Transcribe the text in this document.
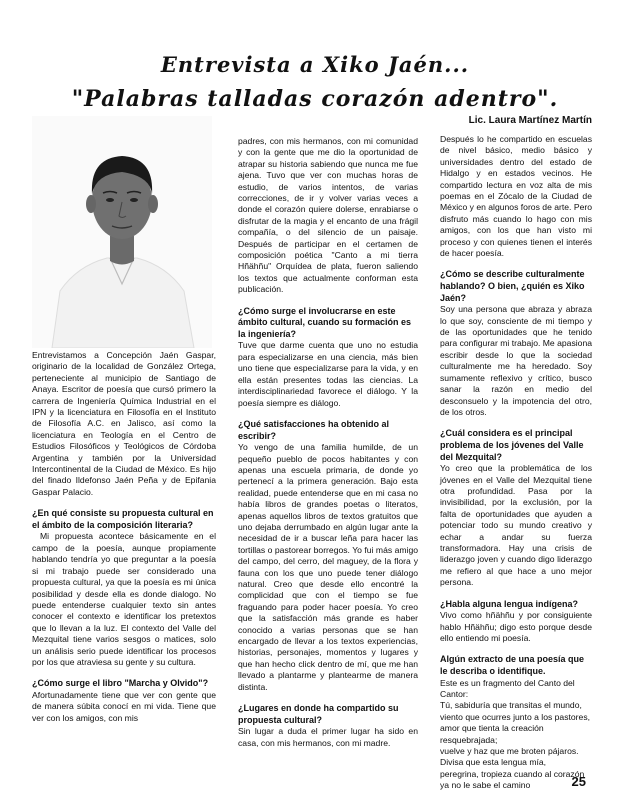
Entrevista a Xiko Jaén...
"Palabras talladas corazón adentro".
Lic. Laura Martínez Martín

Entrevistamos a Concepción Jaén Gaspar, originario de la localidad de González Ortega, perteneciente al municipio de Santiago de Anaya. Escritor de poesía que cursó primero la carrera de Ingeniería Química Industrial en el IPN y la licenciatura en Filosofía en el Instituto de Filosofía A.C. en Jalisco, así como la licenciatura en Teología en el Centro de Estudios Filosóficos y Teológicos de Córdoba Argentina y también por la Universidad Intercontinental de la Ciudad de México. Es hijo del finado Ildefonso Jaén Peña y de Epifania Gaspar Palacio.

¿En qué consiste su propuesta cultural en el ámbito de la composición literaria?

Mi propuesta acontece básicamente en el campo de la poesía, aunque propiamente hablando tendría yo que preguntar a la poesía si mi trabajo puede ser considerado una propuesta cultural, ya que la poesía es mi única posibilidad y desde ella es donde dialogo. No puede entenderse cualquier texto sin antes conocer el contexto e identificar los pretextos que lo llevan a la luz. El contexto del Valle del Mezquital tiene varios sesgos o matices, solo un análisis serio puede identificar los procesos por los que atraviesa su gente y su cultura.

¿Cómo surge el libro "Marcha y Olvido"?

Afortunadamente tiene que ver con gente que de manera súbita conocí en mi vida. Tiene que ver con los amigos, con mis

padres, con mis hermanos, con mi comunidad y con la gente que me dio la oportunidad de atrapar su historia sabiendo que nunca me fue ajena. Tuvo que ver con muchas horas de estudio, de varios intentos, de varias correcciones, de ir y volver varias veces a donde el corazón quiere dolerse, enrabiarse o disfrutar de la magia y el encanto de una frágil compañía, o del silencio de un paisaje. Después de participar en el certamen de composición poética "Canto a mi tierra Hñähñu" Orquídea de plata, fueron saliendo los textos que actualmente conforman esta publicación.

¿Cómo surge el involucrarse en este ámbito cultural, cuando su formación es la ingeniería?

Tuve que darme cuenta que uno no estudia para especializarse en una ciencia, más bien uno tiene que especializarse para la vida, y en ella están presentes todas las ciencias. La interdisciplinariedad favorece el diálogo. Y la poesía siempre es diálogo.

¿Qué satisfacciones ha obtenido al escribir?

Yo vengo de una familia humilde, de un pequeño pueblo de pocos habitantes y con apenas una escuela primaria, de donde yo pertenecí a la primera generación. Bajo esta realidad, puede entenderse que en mi casa no había libros de grandes poetas o literatos, apenas aquellos libros de textos gratuitos que uno dejaba derrumbado en algún lugar ante la necesidad de ir a buscar leña para hacer las tortillas o pastorear borregos. Yo fui más amigo del campo, del cerro, del maguey, de la flora y fauna con los que uno puede tener diálogo natural. Creo que desde ello encontré la complicidad que con el tiempo se fue fraguando para poder hacer poesía. Yo creo que la satisfacción más grande es haber conocido a varias personas que se han encargado de llevar a los textos experiencias, historias, personajes, momentos y lugares y que han hecho click dentro de mí, que me han llevado a plantarme y plantearme de manera distinta.

¿Lugares en donde ha compartido su propuesta cultural?

Sin lugar a duda el primer lugar ha sido en casa, con mis hermanos, con mi madre.

Después lo he compartido en escuelas de nivel básico, medio básico y universidades dentro del estado de Hidalgo y en estados vecinos. He compartido lectura en voz alta de mis poemas en el Zócalo de la Ciudad de México y en algunos foros de arte. Pero disfruto más cuando lo hago con mis amigos, con los que han visto mi proceso y con quienes tienen el interés de hacer poesía.

¿Cómo se describe culturalmente hablando? O bien, ¿quién es Xiko Jaén?

Soy una persona que abraza y abraza lo que soy, consciente de mi tiempo y de las oportunidades que he tenido para configurar mi trabajo. Me apasiona escribir desde lo que la sociedad culturalmente me ha heredado. Soy sumamente reflexivo y crítico, busco sanar la razón en medio del desconsuelo y la impotencia del otro, de los otros.

¿Cuál considera es el principal problema de los jóvenes del Valle del Mezquital?

Yo creo que la problemática de los jóvenes en el Valle del Mezquital tiene otra profundidad. Pasa por la invisibilidad, por la exclusión, por la falta de oportunidades que ayuden a potenciar todo su mundo creativo y echar a andar su fuerza transformadora. Hay una crisis de liderazgo joven y cuando digo liderazgo me refiero al que hace a uno mejor persona.

¿Habla alguna lengua indígena?

Vivo como hñähñu y por consiguiente hablo Hñähñu; digo esto porque desde ello entiendo mi poesía.

Algún extracto de una poesía que le describa o identifique.
Este es un fragmento del Canto del Cantor:
Tú, sabiduría que transitas el mundo,
viento que ocurres junto a los pastores,
amor que tienta la creación resquebrajada;
vuelve y haz que me broten pájaros.
Divisa que esta lengua mía,
peregrina, tropieza cuando al corazón
ya no le sabe el camino	25
